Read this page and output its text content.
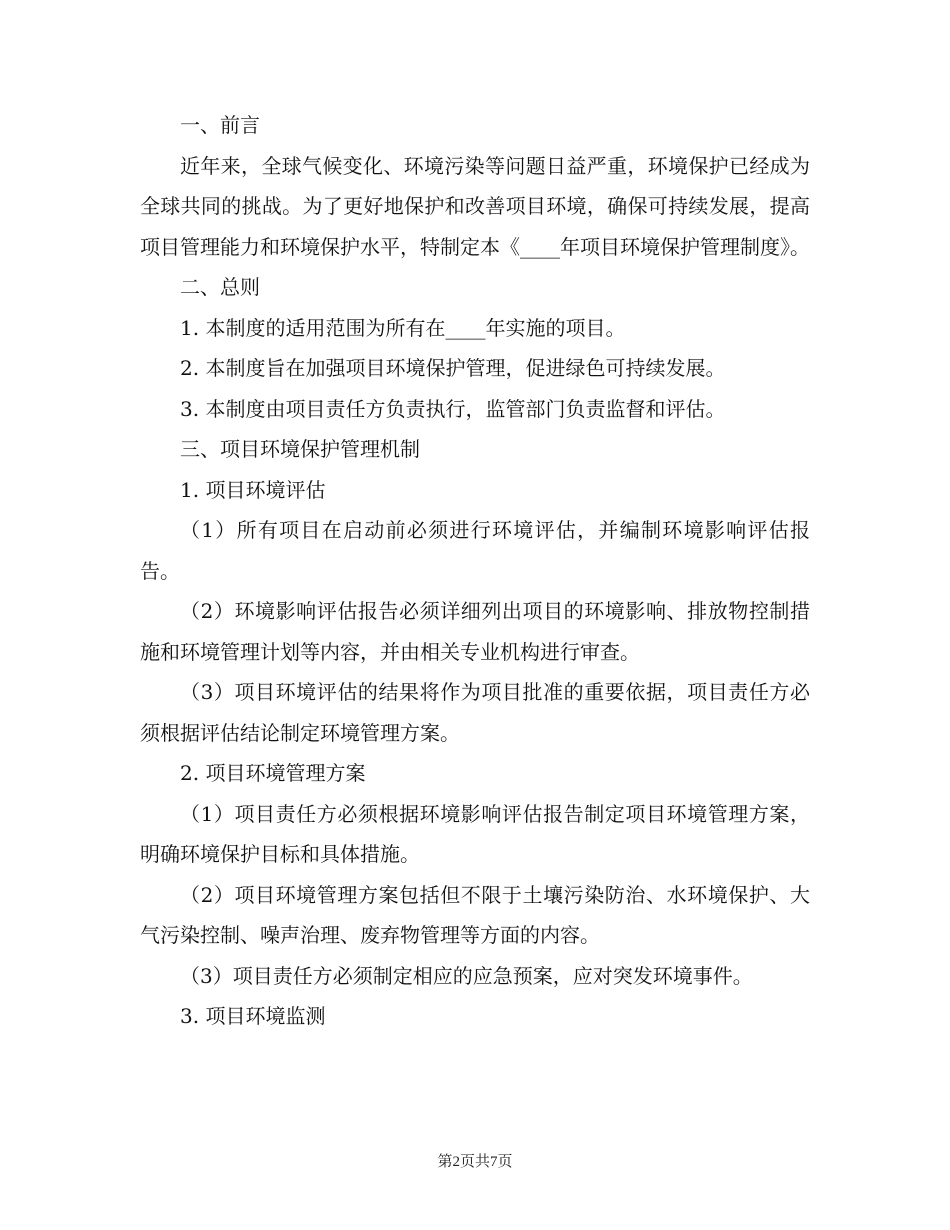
一、前言

近年来，全球气候变化、环境污染等问题日益严重，环境保护已经成为全球共同的挑战。为了更好地保护和改善项目环境，确保可持续发展，提高项目管理能力和环境保护水平，特制定本《____年项目环境保护管理制度》。

二、总则

1. 本制度的适用范围为所有在____年实施的项目。

2. 本制度旨在加强项目环境保护管理，促进绿色可持续发展。

3. 本制度由项目责任方负责执行，监管部门负责监督和评估。

三、项目环境保护管理机制

1. 项目环境评估

（1）所有项目在启动前必须进行环境评估，并编制环境影响评估报告。

（2）环境影响评估报告必须详细列出项目的环境影响、排放物控制措施和环境管理计划等内容，并由相关专业机构进行审查。

（3）项目环境评估的结果将作为项目批准的重要依据，项目责任方必须根据评估结论制定环境管理方案。

2. 项目环境管理方案

（1）项目责任方必须根据环境影响评估报告制定项目环境管理方案，明确环境保护目标和具体措施。

（2）项目环境管理方案包括但不限于土壤污染防治、水环境保护、大气污染控制、噪声治理、废弃物管理等方面的内容。

（3）项目责任方必须制定相应的应急预案，应对突发环境事件。

3. 项目环境监测

第2页共7页
